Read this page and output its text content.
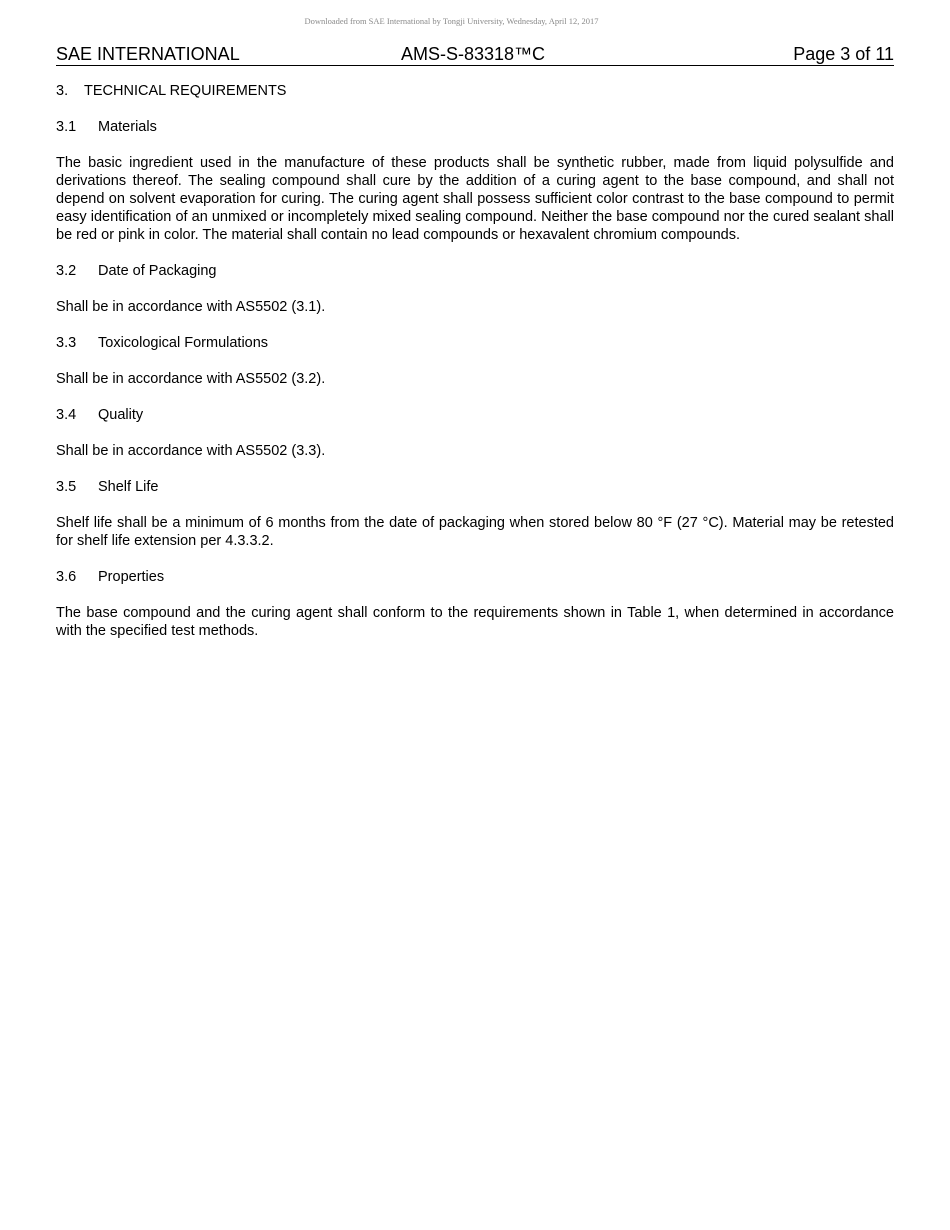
Downloaded from SAE International by Tongji University, Wednesday, April 12, 2017
SAE INTERNATIONAL	AMS-S-83318™C	Page 3 of 11
3. TECHNICAL REQUIREMENTS
3.1 Materials

The basic ingredient used in the manufacture of these products shall be synthetic rubber, made from liquid polysulfide and derivations thereof. The sealing compound shall cure by the addition of a curing agent to the base compound, and shall not depend on solvent evaporation for curing. The curing agent shall possess sufficient color contrast to the base compound to permit easy identification of an unmixed or incompletely mixed sealing compound. Neither the base compound nor the cured sealant shall be red or pink in color. The material shall contain no lead compounds or hexavalent chromium compounds.

3.2 Date of Packaging

Shall be in accordance with AS5502 (3.1).

3.3 Toxicological Formulations

Shall be in accordance with AS5502 (3.2).

3.4 Quality

Shall be in accordance with AS5502 (3.3).

3.5 Shelf Life

Shelf life shall be a minimum of 6 months from the date of packaging when stored below 80 °F (27 °C). Material may be retested for shelf life extension per 4.3.3.2.

3.6 Properties

The base compound and the curing agent shall conform to the requirements shown in Table 1, when determined in accordance with the specified test methods.
